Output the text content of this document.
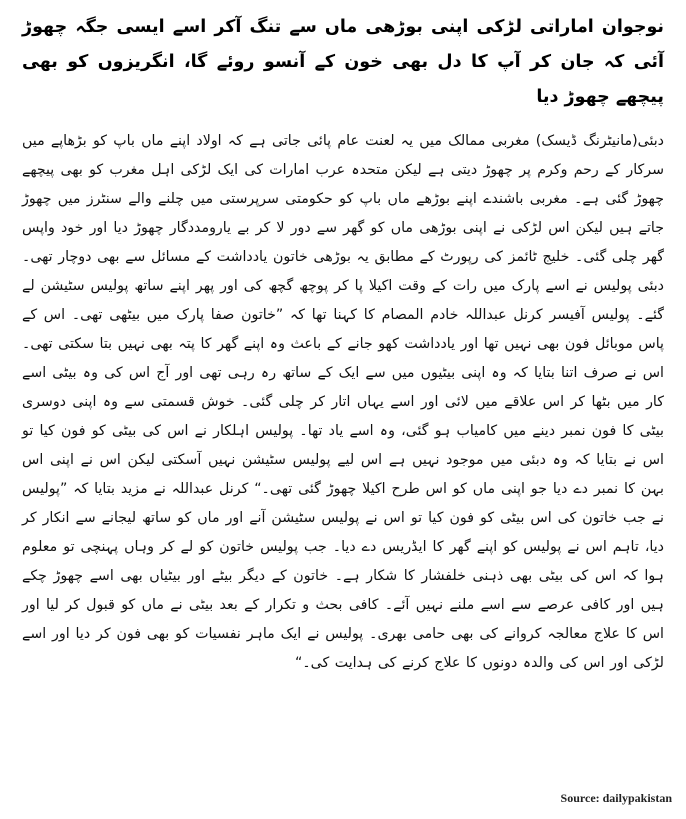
نوجوان اماراتی لڑکی اپنی بوڑھی ماں سے تنگ آکر اسے ایسی جگہ چھوڑ آئی کہ جان کر آپ کا دل بھی خون کے آنسو روئے گا، انگریزوں کو بھی پیچھے چھوڑ دیا

دبئی(مانیٹرنگ ڈیسک) مغربی ممالک میں یہ لعنت عام پائی جاتی ہے کہ اولاد اپنے ماں باپ کو بڑھاپے میں سرکار کے رحم وکرم پر چھوڑ دیتی ہے لیکن متحدہ عرب امارات کی ایک لڑکی اہل مغرب کو بھی پیچھے چھوڑ گئی ہے۔ مغربی باشندے اپنے بوڑھے ماں باپ کو حکومتی سرپرستی میں چلنے والے سنٹرز میں چھوڑ جاتے ہیں لیکن اس لڑکی نے اپنی بوڑھی ماں کو گھر سے دور لا کر بے یارومددگار چھوڑ دیا اور خود واپس گھر چلی گئی۔ خلیج ٹائمز کی رپورٹ کے مطابق یہ بوڑھی خاتون یادداشت کے مسائل سے بھی دوچار تھی۔ دبئی پولیس نے اسے پارک میں رات کے وقت اکیلا پا کر پوچھ گچھ کی اور پھر اپنے ساتھ پولیس سٹیشن لے گئے۔ پولیس آفیسر کرنل عبداللہ خادم المصام کا کہنا تھا کہ ”خاتون صفا پارک میں بیٹھی تھی۔ اس کے پاس موبائل فون بھی نہیں تھا اور یادداشت کھو جانے کے باعث وہ اپنے گھر کا پتہ بھی نہیں بتا سکتی تھی۔ اس نے صرف اتنا بتایا کہ وہ اپنی بیٹیوں میں سے ایک کے ساتھ رہ رہی تھی اور آج اس کی وہ بیٹی اسے کار میں بٹھا کر اس علاقے میں لائی اور اسے یہاں اتار کر چلی گئی۔ خوش قسمتی سے وہ اپنی دوسری بیٹی کا فون نمبر دینے میں کامیاب ہو گئی، وہ اسے یاد تھا۔ پولیس اہلکار نے اس کی بیٹی کو فون کیا تو اس نے بتایا کہ وہ دبئی میں موجود نہیں ہے اس لیے پولیس سٹیشن نہیں آسکتی لیکن اس نے اپنی اس بہن کا نمبر دے دیا جو اپنی ماں کو اس طرح اکیلا چھوڑ گئی تھی۔“ کرنل عبداللہ نے مزید بتایا کہ ”پولیس نے جب خاتون کی اس بیٹی کو فون کیا تو اس نے پولیس سٹیشن آنے اور ماں کو ساتھ لیجانے سے انکار کر دیا، تاہم اس نے پولیس کو اپنے گھر کا ایڈریس دے دیا۔ جب پولیس خاتون کو لے کر وہاں پہنچی تو معلوم ہوا کہ اس کی بیٹی بھی ذہنی خلفشار کا شکار ہے۔ خاتون کے دیگر بیٹے اور بیٹیاں بھی اسے چھوڑ چکے ہیں اور کافی عرصے سے اسے ملنے نہیں آئے۔ کافی بحث و تکرار کے بعد بیٹی نے ماں کو قبول کر لیا اور اس کا علاج معالجہ کروانے کی بھی حامی بھری۔ پولیس نے ایک ماہر نفسیات کو بھی فون کر دیا اور اسے لڑکی اور اس کی والدہ دونوں کا علاج کرنے کی ہدایت کی۔“

Source: dailypakistan
